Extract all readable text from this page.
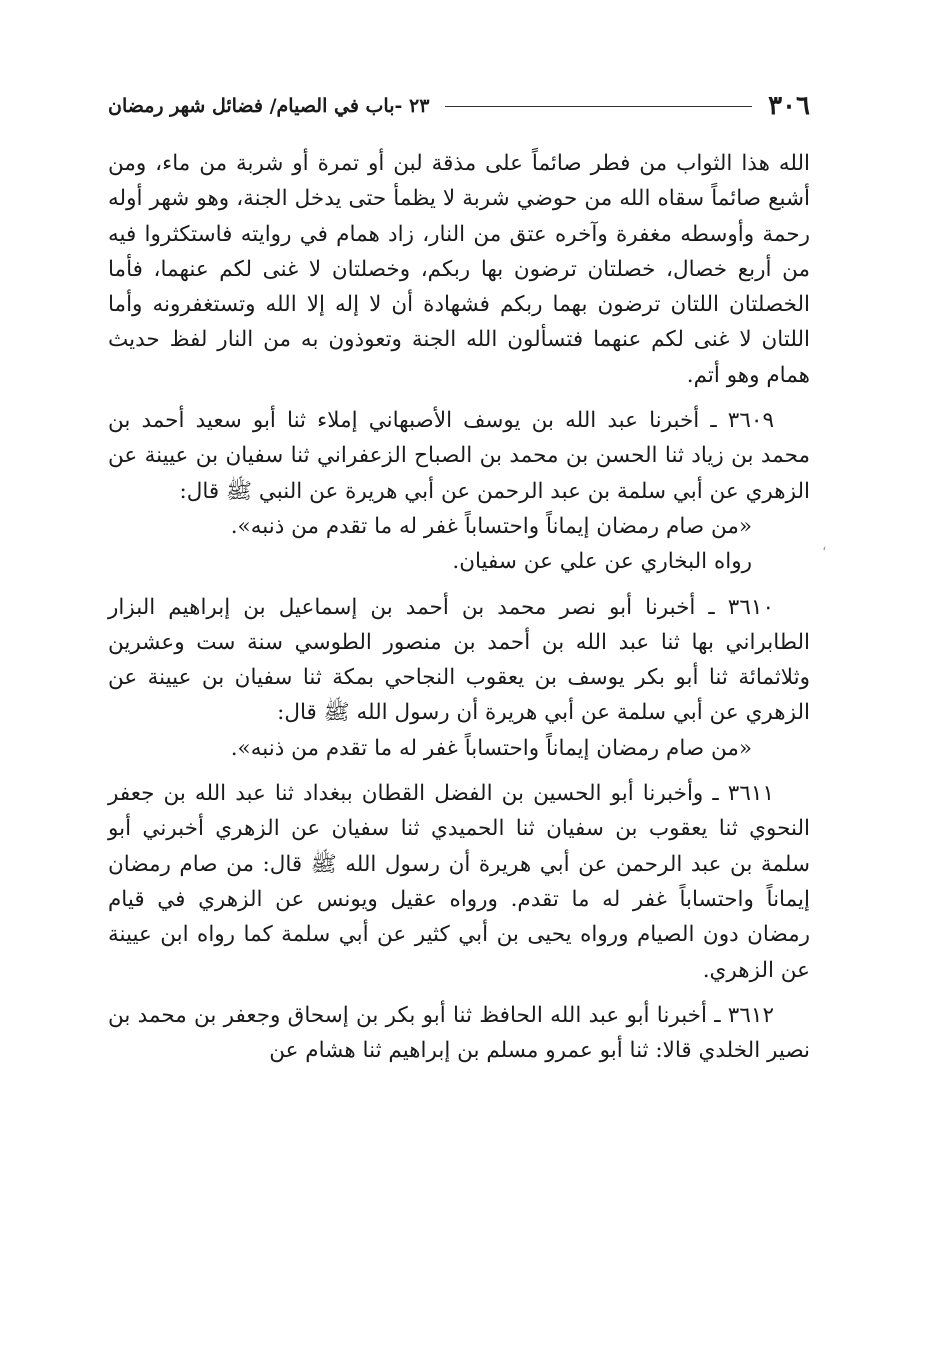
٣٠٦
٢٣ -باب في الصيام/ فضائل شهر رمضان

الله هذا الثواب من فطر صائماً على مذقة لبن أو تمرة أو شربة من ماء، ومن أشبع صائماً سقاه الله من حوضي شربة لا يظمأ حتى يدخل الجنة، وهو شهر أوله رحمة وأوسطه مغفرة وآخره عتق من النار، زاد همام في روايته فاستكثروا فيه من أربع خصال، خصلتان ترضون بها ربكم، وخصلتان لا غنى لكم عنهما، فأما الخصلتان اللتان ترضون بهما ربكم فشهادة أن لا إله إلا الله وتستغفرونه وأما اللتان لا غنى لكم عنهما فتسألون الله الجنة وتعوذون به من النار لفظ حديث همام وهو أتم.

٣٦٠٩ ـ أخبرنا عبد الله بن يوسف الأصبهاني إملاء ثنا أبو سعيد أحمد بن محمد بن زياد ثنا الحسن بن محمد بن الصباح الزعفراني ثنا سفيان بن عيينة عن الزهري عن أبي سلمة بن عبد الرحمن عن أبي هريرة عن النبي ﷺ قال:

«من صام رمضان إيماناً واحتساباً غفر له ما تقدم من ذنبه».

رواه البخاري عن علي عن سفيان.

٣٦١٠ ـ أخبرنا أبو نصر محمد بن أحمد بن إسماعيل بن إبراهيم البزار الطابراني بها ثنا عبد الله بن أحمد بن منصور الطوسي سنة ست وعشرين وثلاثمائة ثنا أبو بكر يوسف بن يعقوب النجاحي بمكة ثنا سفيان بن عيينة عن الزهري عن أبي سلمة عن أبي هريرة أن رسول الله ﷺ قال:

«من صام رمضان إيماناً واحتساباً غفر له ما تقدم من ذنبه».

٣٦١١ ـ وأخبرنا أبو الحسين بن الفضل القطان ببغداد ثنا عبد الله بن جعفر النحوي ثنا يعقوب بن سفيان ثنا الحميدي ثنا سفيان عن الزهري أخبرني أبو سلمة بن عبد الرحمن عن أبي هريرة أن رسول الله ﷺ قال: من صام رمضان إيماناً واحتساباً غفر له ما تقدم. ورواه عقيل ويونس عن الزهري في قيام رمضان دون الصيام ورواه يحيى بن أبي كثير عن أبي سلمة كما رواه ابن عيينة عن الزهري.

٣٦١٢ ـ أخبرنا أبو عبد الله الحافظ ثنا أبو بكر بن إسحاق وجعفر بن محمد بن نصير الخلدي قالا: ثنا أبو عمرو مسلم بن إبراهيم ثنا هشام عن

،
